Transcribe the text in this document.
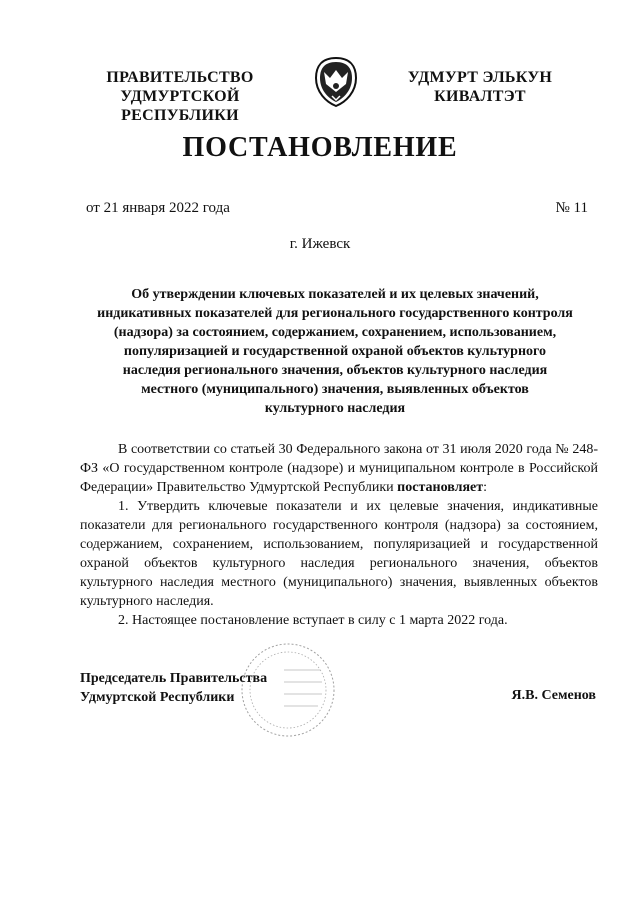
ПРАВИТЕЛЬСТВО
УДМУРТСКОЙ РЕСПУБЛИКИ
УДМУРТ ЭЛЬКУН
КИВАЛТЭТ
ПОСТАНОВЛЕНИЕ
от 21 января 2022 года	№ 11
г. Ижевск
Об утверждении ключевых показателей и их целевых значений,
индикативных показателей для регионального государственного контроля
(надзора) за состоянием, содержанием, сохранением, использованием,
популяризацией и государственной охраной объектов культурного
наследия регионального значения, объектов культурного наследия
местного (муниципального) значения, выявленных объектов
культурного наследия

В соответствии со статьей 30 Федерального закона от 31 июля 2020 года № 248-ФЗ «О государственном контроле (надзоре) и муниципальном контроле в Российской Федерации» Правительство Удмуртской Республики постановляет:

1. Утвердить ключевые показатели и их целевые значения, индикативные показатели для регионального государственного контроля (надзора) за состоянием, содержанием, сохранением, использованием, популяризацией и государственной охраной объектов культурного наследия регионального значения, объектов культурного наследия местного (муниципального) значения, выявленных объектов культурного наследия.

2. Настоящее постановление вступает в силу с 1 марта 2022 года.

Председатель Правительства
Удмуртской Республики	Я.В. Семенов
